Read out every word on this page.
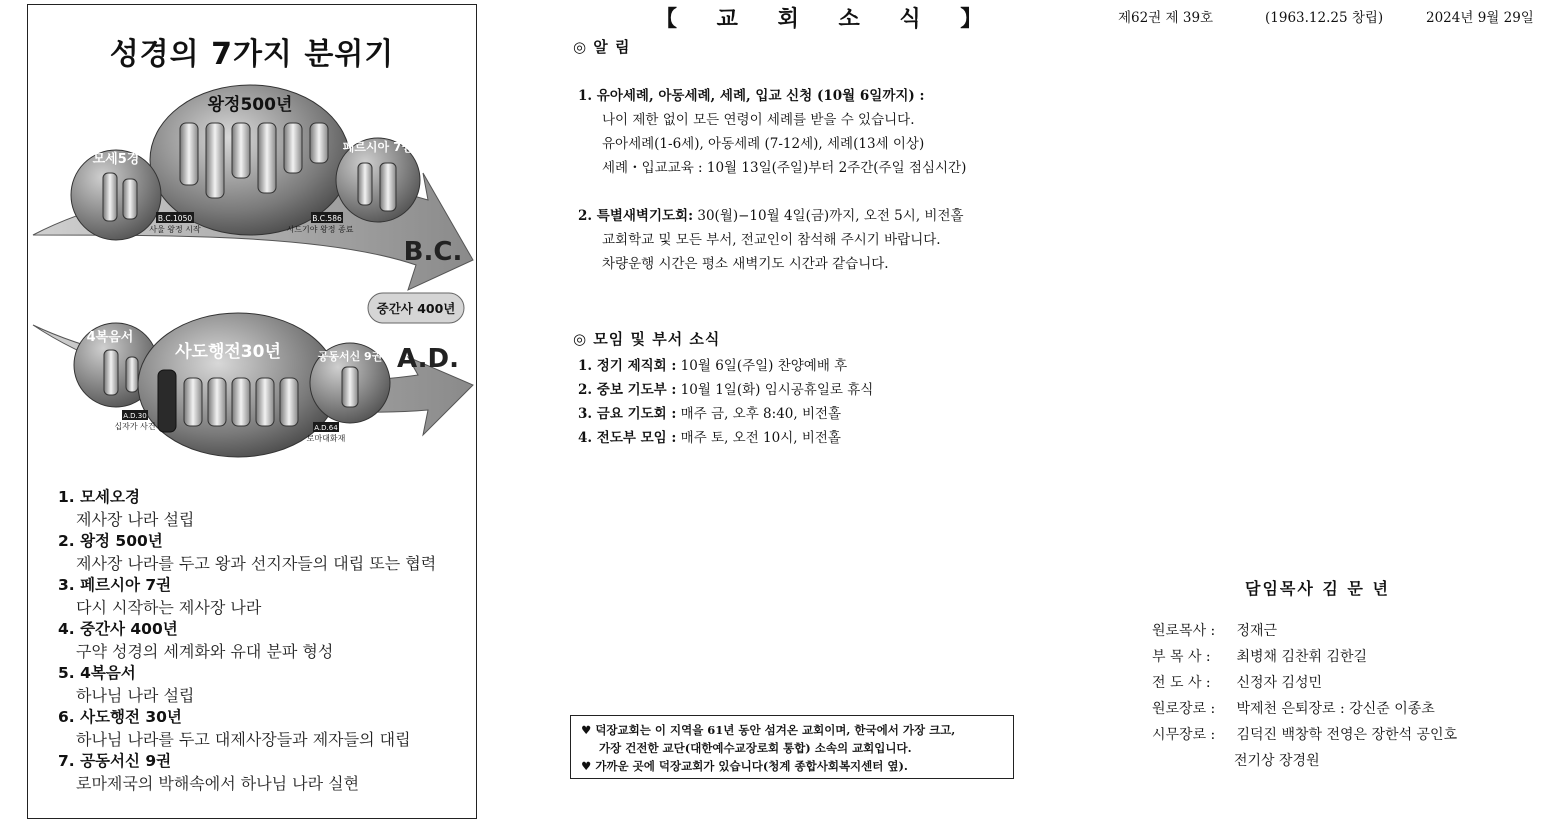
성경의 7가지 분위기
왕정500년
모세5경
페르시아 7권
B.C.1050
사울 왕정 시작
B.C.586
시드기야 왕정 종료
B.C.
중간사 400년
4복음서
사도행전30년	공동서신 9권 A.D.
A.D.30
십자가 사건	A.D.64
로마대화재
1. 모세오경
제사장 나라 설립
2. 왕정 500년
제사장 나라를 두고 왕과 선지자들의 대립 또는 협력
3. 페르시아 7권
다시 시작하는 제사장 나라
4. 중간사 400년
구약 성경의 세계화와 유대 분파 형성
5. 4복음서
하나님 나라 설립
6. 사도행전 30년
하나님 나라를 두고 대제사장들과 제자들의 대립
7. 공동서신 9권
로마제국의 박해속에서 하나님 나라 실현
【 교 회 소 식 】
◎ 알 림
1. 유아세례, 아동세례, 세례, 입교 신청 (10월 6일까지) :
나이 제한 없이 모든 연령이 세례를 받을 수 있습니다.
유아세례(1-6세), 아동세례 (7-12세), 세례(13세 이상)
세례・입교교육 : 10월 13일(주일)부터 2주간(주일 점심시간)
2. 특별새벽기도회: 30(월)−10월 4일(금)까지, 오전 5시, 비전홀
교회학교 및 모든 부서, 전교인이 참석해 주시기 바랍니다.
차량운행 시간은 평소 새벽기도 시간과 같습니다.
◎ 모임 및 부서 소식
1. 정기 제직회 : 10월 6일(주일) 찬양예배 후
2. 중보 기도부 : 10월 1일(화) 임시공휴일로 휴식
3. 금요 기도회 : 매주 금, 오후 8:40, 비전홀
4. 전도부 모임 : 매주 토, 오전 10시, 비전홀
♥ 덕장교회는 이 지역을 61년 동안 섬겨온 교회이며, 한국에서 가장 크고,
가장 건전한 교단(대한예수교장로회 통합) 소속의 교회입니다.
♥ 가까운 곳에 덕장교회가 있습니다(청계 종합사회복지센터 옆).
제62권 제 39호	(1963.12.25 창립)	2024년 9월 29일
담임목사 김 문 년
원로목사 : 정재근
부 목 사 : 최병채 김찬휘 김한길
전 도 사 : 신정자 김성민
원로장로 : 박제천 은퇴장로 : 강신준 이종초
시무장로 : 김덕진 백창학 전영은 장한석 공인호
전기상 장경원
